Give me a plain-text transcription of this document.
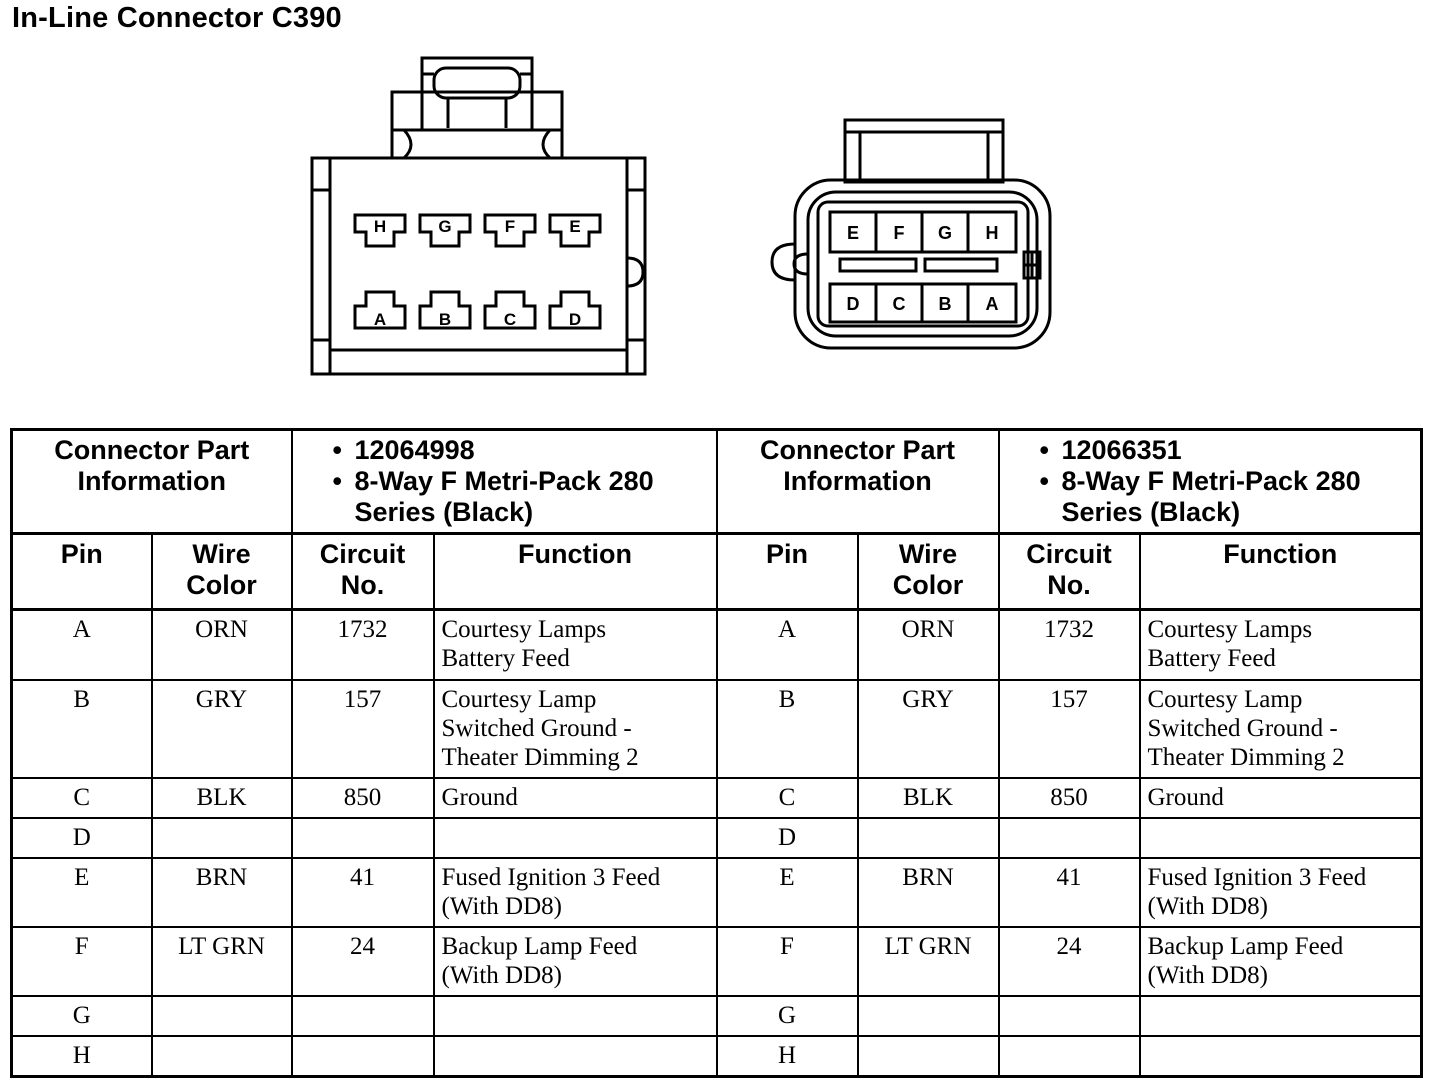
In-Line Connector C390
H	G	F	E
A	B	C	D
E F G H
D C B A
Connector Part
Information		• 12064998
• 8-Way F Metri-Pack 280
Series (Black)		Connector Part
Information		• 12066351
• 8-Way F Metri-Pack 280
Series (Black)	

Pin	Wire
Color	Circuit
No.	Function	Pin	Wire
Color	Circuit
No.	Function
A	ORN	1732	Courtesy Lamps
Battery Feed	A	ORN	1732	Courtesy Lamps
Battery Feed

B	GRY	157	Courtesy Lamp
Switched Ground -
Theater Dimming 2	B	GRY	157	Courtesy Lamp
Switched Ground -
Theater Dimming 2

C	BLK	850	Ground	C	BLK	850	Ground

D				D			

E	BRN	41	Fused Ignition 3 Feed
(With DD8)	E	BRN	41	Fused Ignition 3 Feed
(With DD8)

F	LT GRN	24	Backup Lamp Feed
(With DD8)	F	LT GRN	24	Backup Lamp Feed
(With DD8)

G				G			

H				H			
